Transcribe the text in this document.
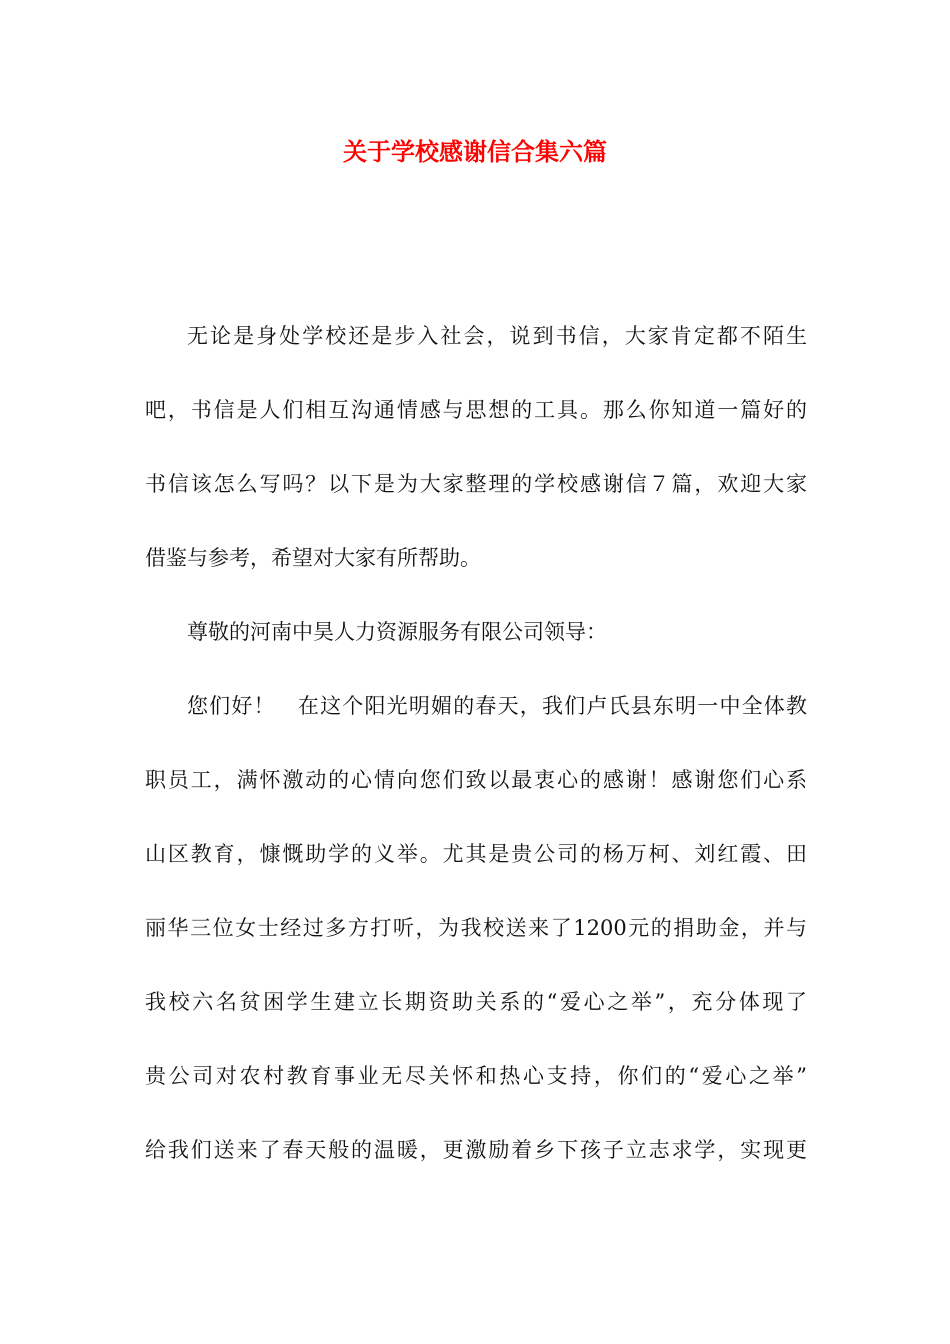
关于学校感谢信合集六篇
无论是身处学校还是步入社会，说到书信，大家肯定都不陌生
吧，书信是人们相互沟通情感与思想的工具。那么你知道一篇好的
书信该怎么写吗？以下是为大家整理的学校感谢信７篇，欢迎大家
借鉴与参考，希望对大家有所帮助。
尊敬的河南中昊人力资源服务有限公司领导：
您们好！　在这个阳光明媚的春天，我们卢氏县东明一中全体教
职员工，满怀激动的心情向您们致以最衷心的感谢！感谢您们心系
山区教育，慷慨助学的义举。尤其是贵公司的杨万柯、刘红霞、田
丽华三位女士经过多方打听，为我校送来了1200元的捐助金，并与
我校六名贫困学生建立长期资助关系的“爱心之举”，充分体现了
贵公司对农村教育事业无尽关怀和热心支持，你们的“爱心之举”
给我们送来了春天般的温暖，更激励着乡下孩子立志求学，实现更
